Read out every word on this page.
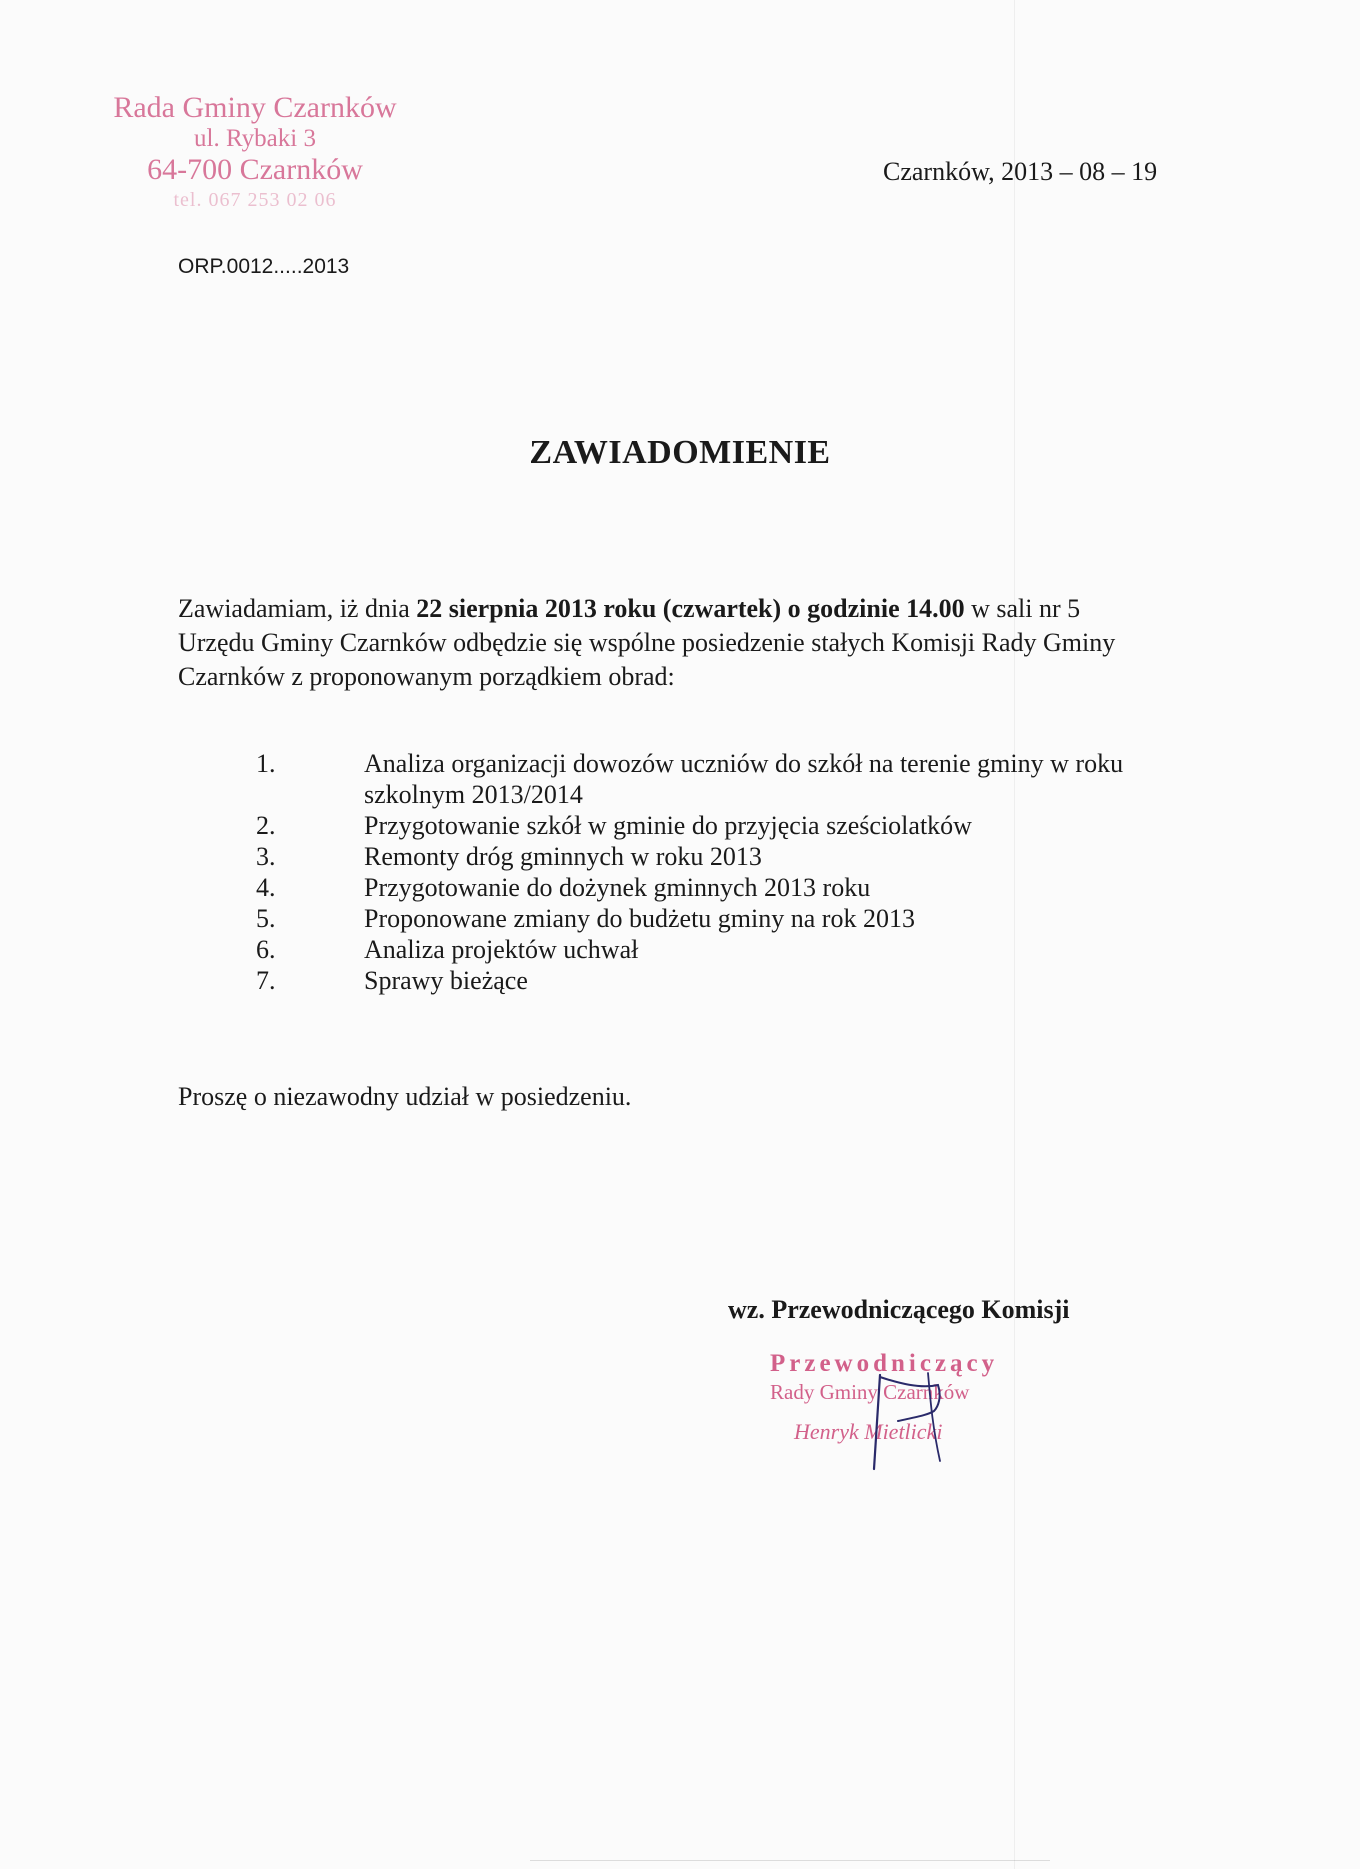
Rada Gminy Czarnków
ul. Rybaki 3
64-700 Czarnków
tel. 067 253 02 06
Czarnków, 2013 – 08 – 19
ORP.0012.....2013
ZAWIADOMIENIE
Zawiadamiam, iż dnia 22 sierpnia 2013 roku (czwartek) o godzinie 14.00 w sali nr 5 Urzędu Gminy Czarnków odbędzie się wspólne posiedzenie stałych Komisji Rady Gminy Czarnków z proponowanym porządkiem obrad:
1.	Analiza organizacji dowozów uczniów do szkół na terenie gminy w roku szkolnym 2013/2014
2.	Przygotowanie szkół w gminie do przyjęcia sześciolatków
3.	Remonty dróg gminnych w roku 2013
4.	Przygotowanie do dożynek gminnych 2013 roku
5.	Proponowane zmiany do budżetu gminy na rok 2013
6.	Analiza projektów uchwał
7.	Sprawy bieżące
Proszę o niezawodny udział w posiedzeniu.
wz. Przewodniczącego Komisji
Przewodniczący
Rady Gminy Czarnków
Henryk Mietlicki
